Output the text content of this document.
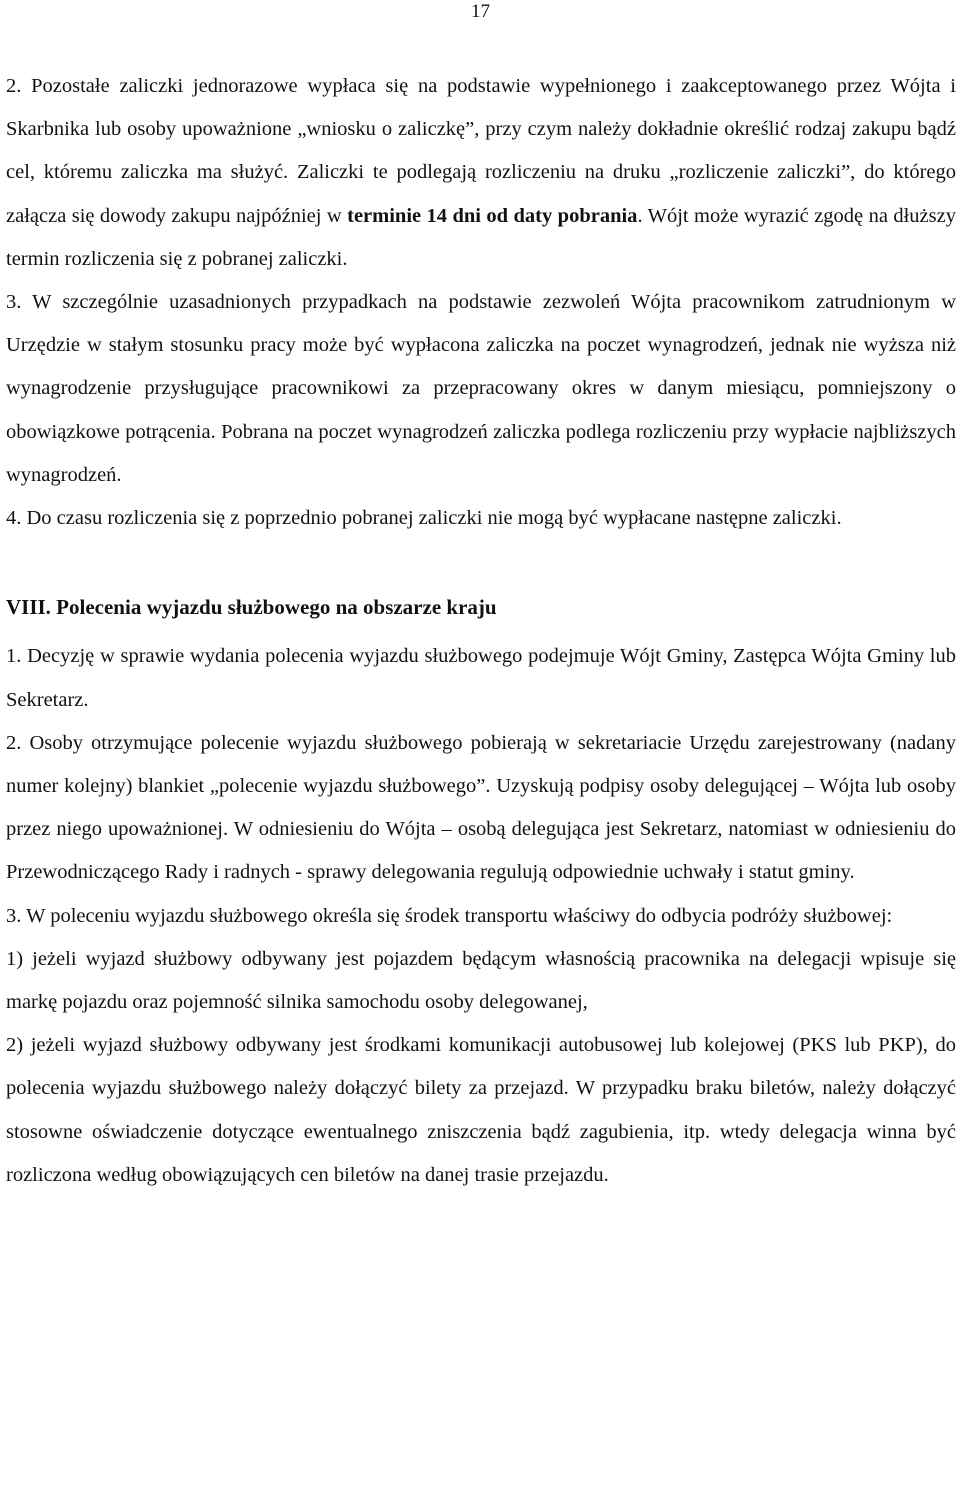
17

2. Pozostałe zaliczki jednorazowe wypłaca się na podstawie wypełnionego i zaakceptowanego przez Wójta i Skarbnika lub osoby upoważnione „wniosku o zaliczkę”, przy czym należy dokładnie określić rodzaj zakupu bądź cel, któremu zaliczka ma służyć. Zaliczki te podlegają rozliczeniu na druku „rozliczenie zaliczki”, do którego załącza się dowody zakupu najpóźniej w terminie 14 dni od daty pobrania. Wójt może wyrazić zgodę na dłuższy termin rozliczenia się z pobranej zaliczki.

3. W szczególnie uzasadnionych przypadkach na podstawie zezwoleń Wójta pracownikom zatrudnionym w Urzędzie w stałym stosunku pracy może być wypłacona zaliczka na poczet wynagrodzeń, jednak nie wyższa niż wynagrodzenie przysługujące pracownikowi za przepracowany okres w danym miesiącu, pomniejszony o obowiązkowe potrącenia. Pobrana na poczet wynagrodzeń zaliczka podlega rozliczeniu przy wypłacie najbliższych wynagrodzeń.

4. Do czasu rozliczenia się z poprzednio pobranej zaliczki nie mogą być wypłacane następne zaliczki.

VIII. Polecenia wyjazdu służbowego na obszarze kraju

1. Decyzję w sprawie wydania polecenia wyjazdu służbowego podejmuje Wójt Gminy, Zastępca Wójta Gminy lub Sekretarz.

2. Osoby otrzymujące polecenie wyjazdu służbowego pobierają w sekretariacie Urzędu zarejestrowany (nadany numer kolejny) blankiet „polecenie wyjazdu służbowego”. Uzyskują podpisy osoby delegującej – Wójta lub osoby przez niego upoważnionej. W odniesieniu do Wójta – osobą delegująca jest Sekretarz, natomiast w odniesieniu do Przewodniczącego Rady i radnych - sprawy delegowania regulują odpowiednie uchwały i statut gminy.

3. W poleceniu wyjazdu służbowego określa się środek transportu właściwy do odbycia podróży służbowej:

1) jeżeli wyjazd służbowy odbywany jest pojazdem będącym własnością pracownika na delegacji wpisuje się markę pojazdu oraz pojemność silnika samochodu osoby delegowanej,

2) jeżeli wyjazd służbowy odbywany jest środkami komunikacji autobusowej lub kolejowej (PKS lub PKP), do polecenia wyjazdu służbowego należy dołączyć bilety za przejazd. W przypadku braku biletów, należy dołączyć stosowne oświadczenie dotyczące ewentualnego zniszczenia bądź zagubienia, itp. wtedy delegacja winna być rozliczona według obowiązujących cen biletów na danej trasie przejazdu.
